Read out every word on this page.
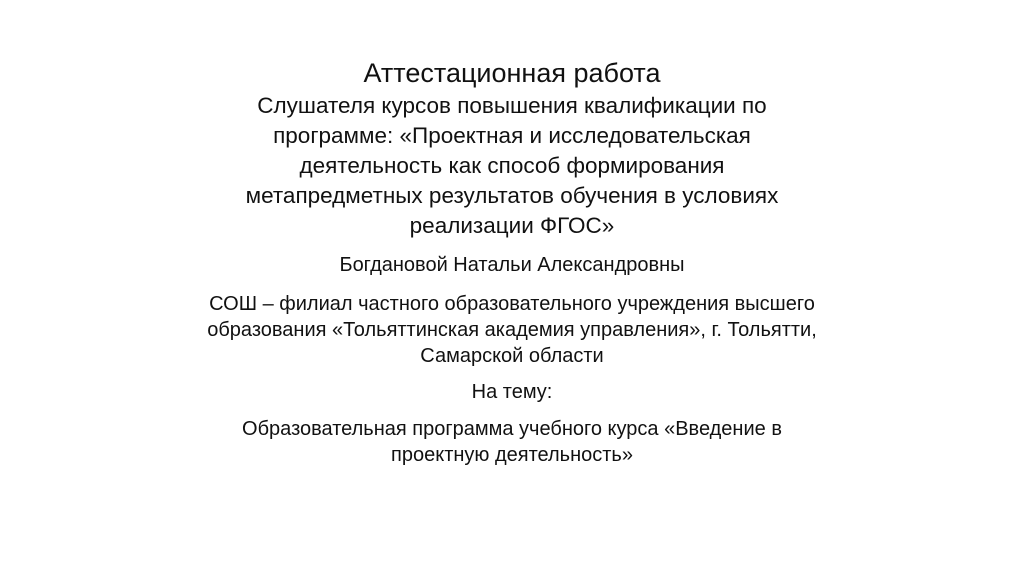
Аттестационная работа

Слушателя курсов повышения квалификации по
программе: «Проектная и исследовательская
деятельность как способ формирования
метапредметных результатов обучения в условиях
реализации ФГОС»

Богдановой Натальи Александровны

СОШ – филиал частного образовательного учреждения высшего
образования «Тольяттинская академия управления», г. Тольятти,
Самарской области

На тему:

Образовательная программа учебного курса «Введение в
проектную деятельность»
